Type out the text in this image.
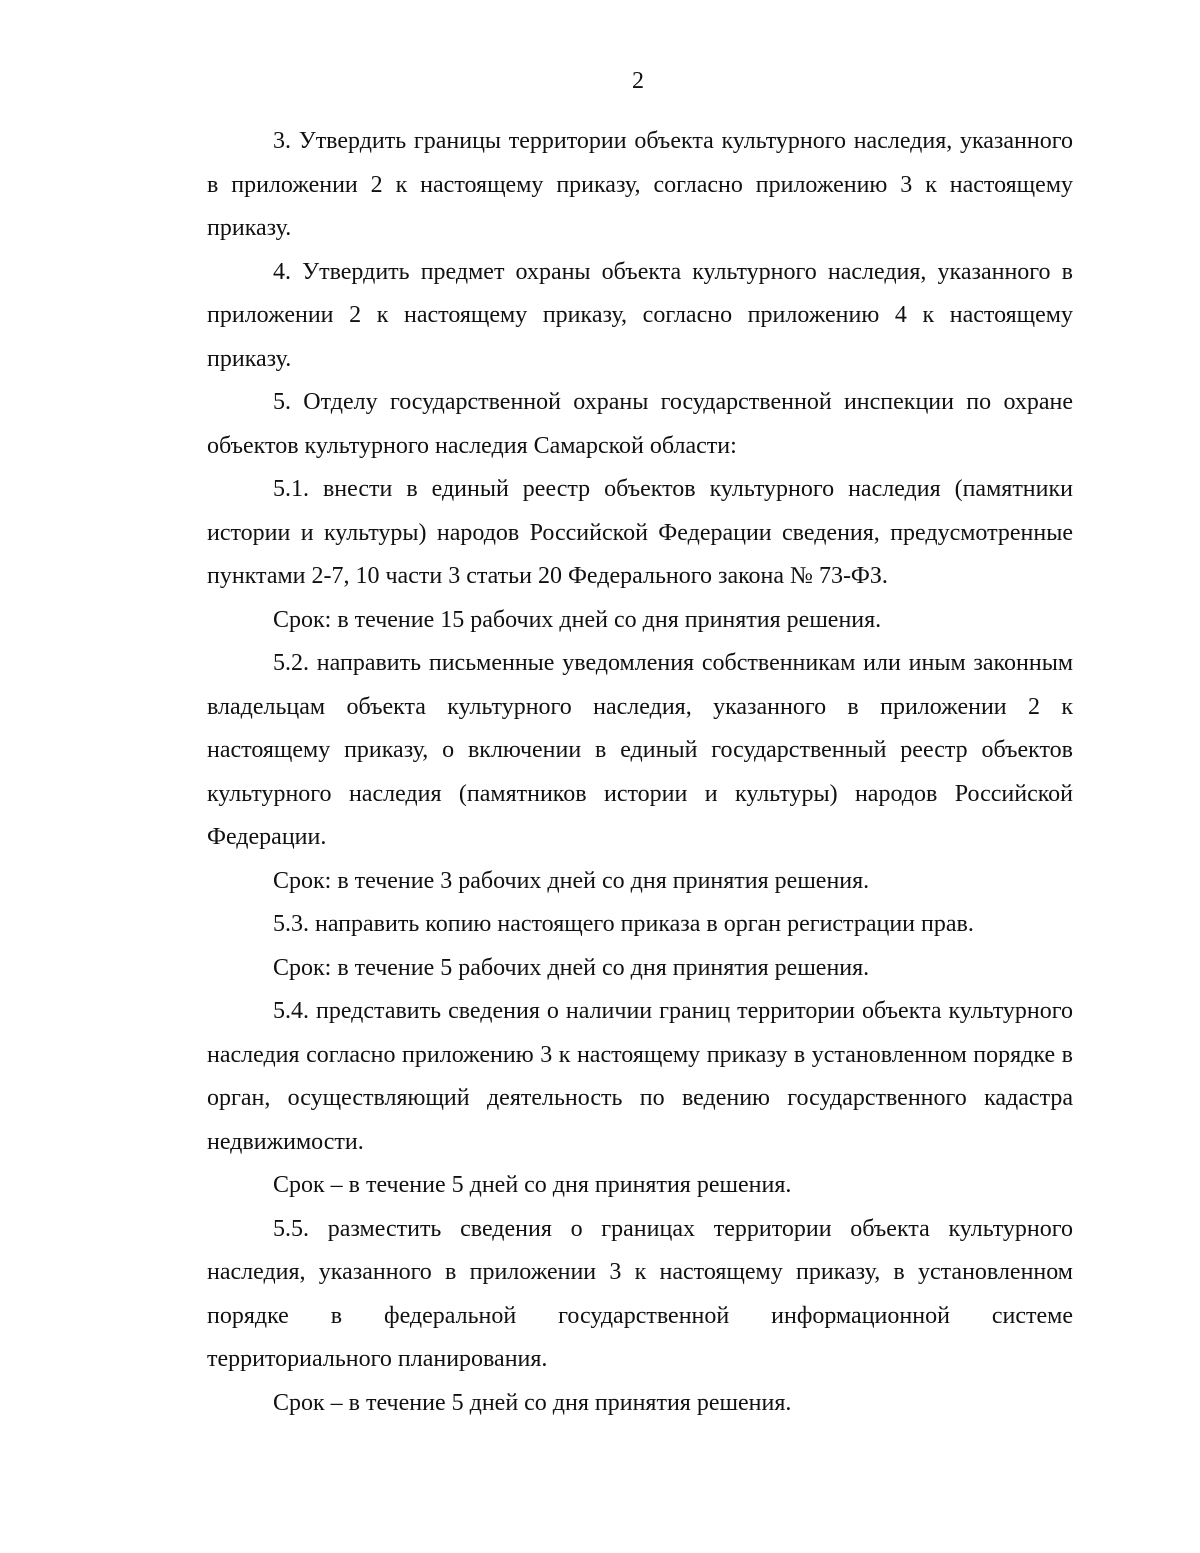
2

3. Утвердить границы территории объекта культурного наследия, указанного в приложении 2 к настоящему приказу, согласно приложению 3 к настоящему приказу.

4. Утвердить предмет охраны объекта культурного наследия, указанного в приложении 2 к настоящему приказу, согласно приложению 4 к настоящему приказу.

5. Отделу государственной охраны государственной инспекции по охране объектов культурного наследия Самарской области:

5.1. внести в единый реестр объектов культурного наследия (памятники истории и культуры) народов Российской Федерации сведения, предусмотренные пунктами 2-7, 10 части 3 статьи 20 Федерального закона № 73-ФЗ.

Срок: в течение 15 рабочих дней со дня принятия решения.

5.2. направить письменные уведомления собственникам или иным законным владельцам объекта культурного наследия, указанного в приложении 2 к настоящему приказу, о включении в единый государственный реестр объектов культурного наследия (памятников истории и культуры) народов Российской Федерации.

Срок: в течение 3 рабочих дней со дня принятия решения.

5.3. направить копию настоящего приказа в орган регистрации прав.

Срок: в течение 5 рабочих дней со дня принятия решения.

5.4. представить сведения о наличии границ территории объекта культурного наследия согласно приложению 3 к настоящему приказу в установленном порядке в орган, осуществляющий деятельность по ведению государственного кадастра недвижимости.

Срок – в течение 5 дней со дня принятия решения.

5.5. разместить сведения о границах территории объекта культурного наследия, указанного в приложении 3 к настоящему приказу, в установленном порядке в федеральной государственной информационной системе территориального планирования.

Срок – в течение 5 дней со дня принятия решения.
